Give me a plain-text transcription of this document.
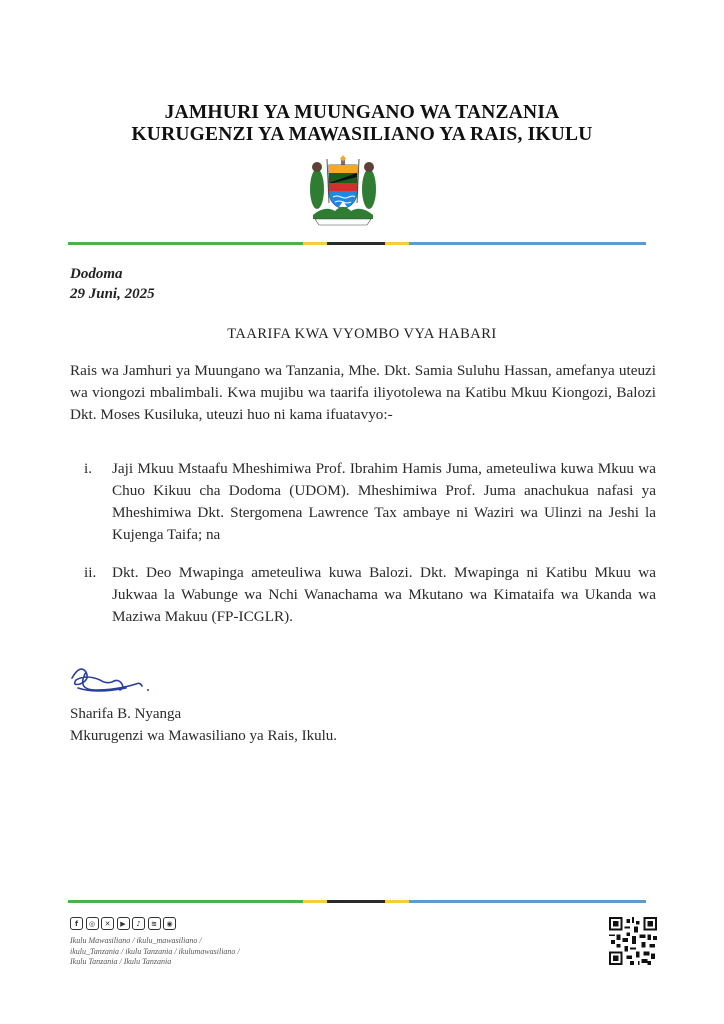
JAMHURI YA MUUNGANO WA TANZANIA
KURUGENZI YA MAWASILIANO YA RAIS, IKULU
Dodoma
29 Juni, 2025
TAARIFA KWA VYOMBO VYA HABARI
Rais wa Jamhuri ya Muungano wa Tanzania, Mhe. Dkt. Samia Suluhu Hassan, amefanya uteuzi wa viongozi mbalimbali. Kwa mujibu wa taarifa iliyotolewa na Katibu Mkuu Kiongozi, Balozi Dkt. Moses Kusiluka, uteuzi huo ni kama ifuatavyo:-
i. Jaji Mkuu Mstaafu Mheshimiwa Prof. Ibrahim Hamis Juma, ameteuliwa kuwa Mkuu wa Chuo Kikuu cha Dodoma (UDOM). Mheshimiwa Prof. Juma anachukua nafasi ya Mheshimiwa Dkt. Stergomena Lawrence Tax ambaye ni Waziri wa Ulinzi na Jeshi la Kujenga Taifa; na
ii. Dkt. Deo Mwapinga ameteuliwa kuwa Balozi. Dkt. Mwapinga ni Katibu Mkuu wa Jukwaa la Wabunge wa Nchi Wanachama wa Mkutano wa Kimataifa wa Ukanda wa Maziwa Makuu (FP-ICGLR).
Sharifa B. Nyanga
Mkurugenzi wa Mawasiliano ya Rais, Ikulu.
f	◎	✕	▶	♪	≋	◉
Ikulu Mawasiliano / ikulu_mawasiliano / ikulu_Tanzania / ikulu Tanzania / ikulumawasiliano / Ikulu Tanzania / Ikulu Tanzania
